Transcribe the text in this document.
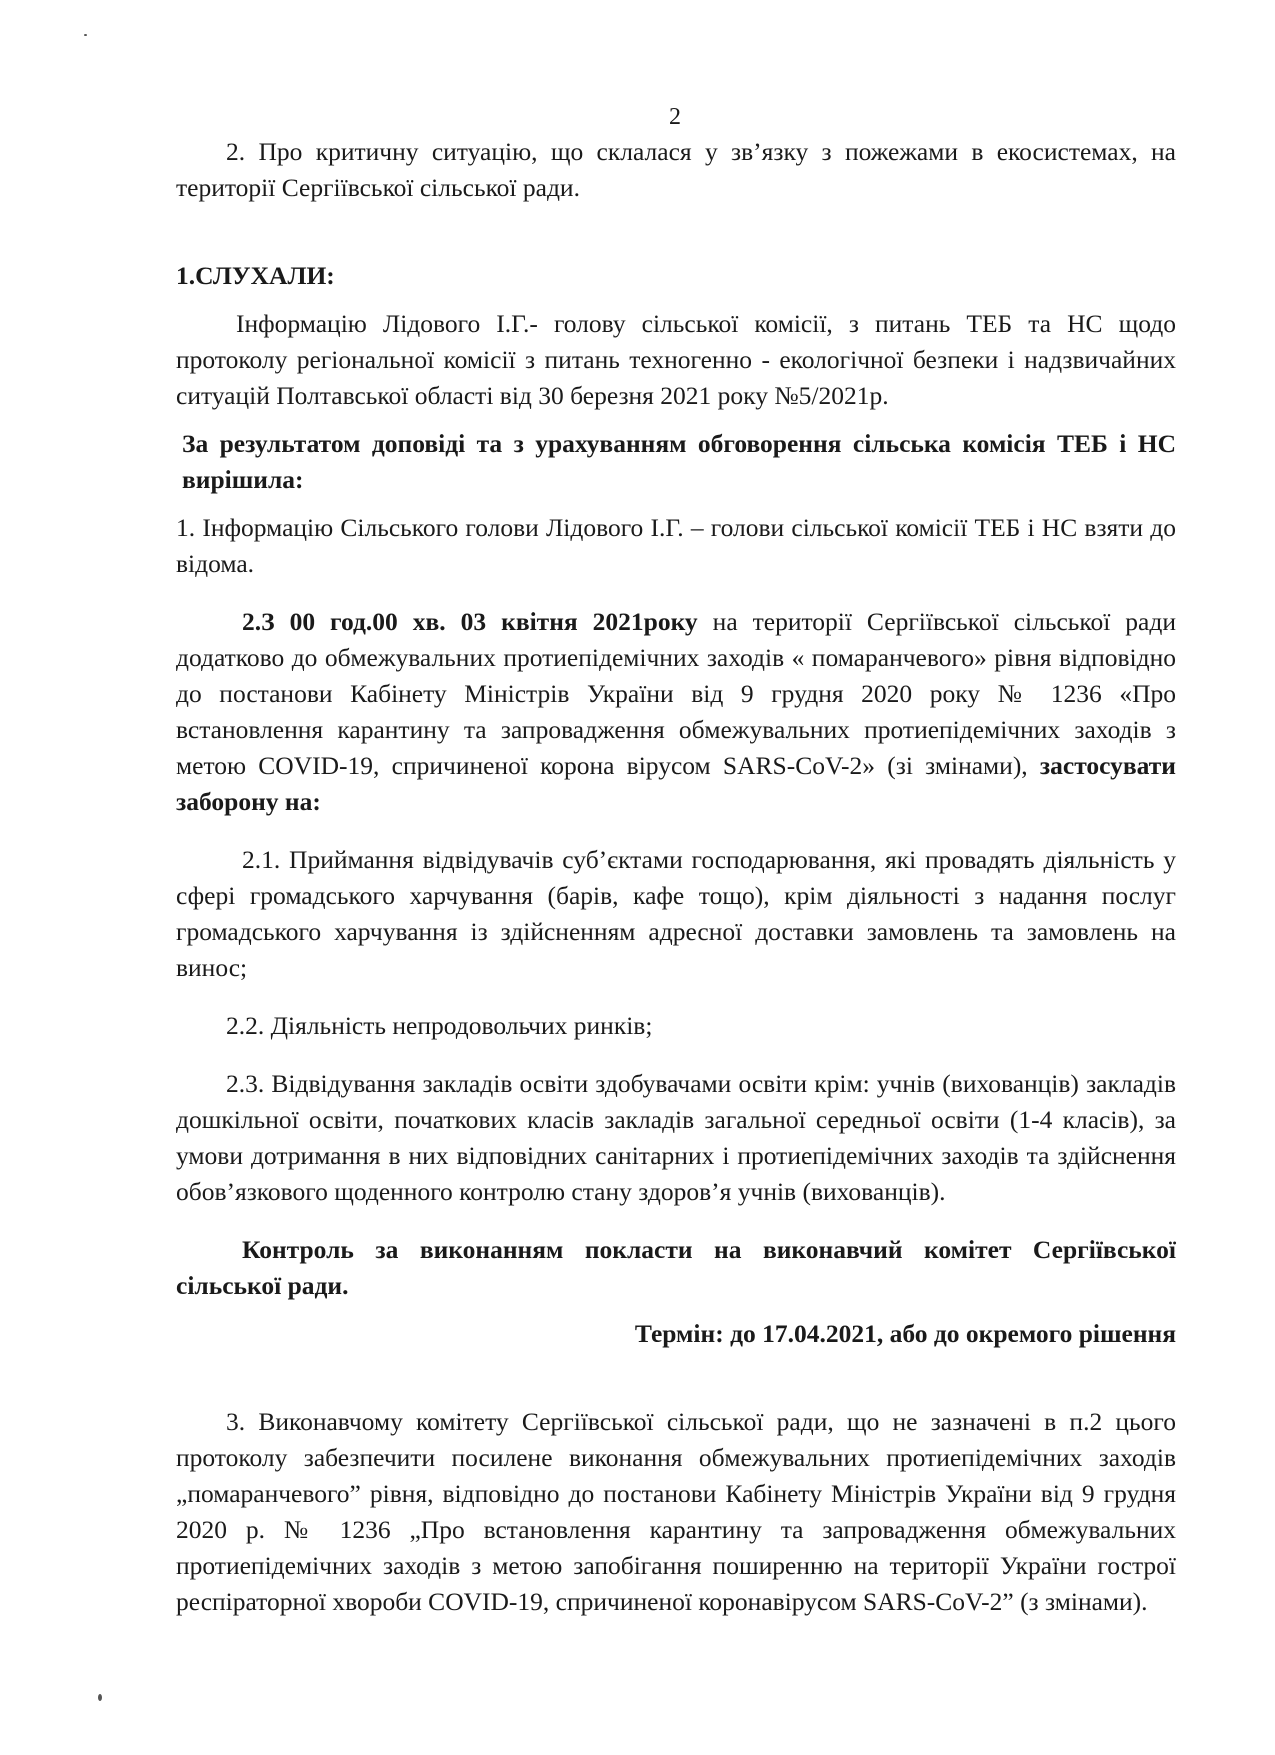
2

2. Про критичну ситуацію, що склалася у зв’язку з пожежами в екосистемах, на території Сергіївської сільської ради.

1.СЛУХАЛИ:

Інформацію Лідового І.Г.- голову сільської комісії, з питань ТЕБ та НС щодо протоколу регіональної комісії з питань техногенно - екологічної безпеки і надзвичайних ситуацій Полтавської області від 30 березня 2021 року №5/2021р.

За результатом доповіді та з урахуванням обговорення сільська комісія ТЕБ і НС вирішила:

1. Інформацію Сільського голови Лідового І.Г. – голови сільської комісії ТЕБ і НС взяти до відома.

2.З 00 год.00 хв. 03 квітня 2021року на території Сергіївської сільської ради додатково до обмежувальних протиепідемічних заходів « помаранчевого» рівня відповідно до постанови Кабінету Міністрів України від 9 грудня 2020 року № 1236 «Про встановлення карантину та запровадження обмежувальних протиепідемічних заходів з метою COVID-19, спричиненої корона вірусом SARS-CoV-2» (зі змінами), застосувати заборону на:

2.1. Приймання відвідувачів суб’єктами господарювання, які провадять діяльність у сфері громадського харчування (барів, кафе тощо), крім діяльності з надання послуг громадського харчування із здійсненням адресної доставки замовлень та замовлень на винос;

2.2. Діяльність непродовольчих ринків;

2.3. Відвідування закладів освіти здобувачами освіти крім: учнів (вихованців) закладів дошкільної освіти, початкових класів закладів загальної середньої освіти (1-4 класів), за умови дотримання в них відповідних санітарних і протиепідемічних заходів та здійснення обов’язкового щоденного контролю стану здоров’я учнів (вихованців).

Контроль за виконанням покласти на виконавчий комітет Сергіївської сільської ради.

Термін: до 17.04.2021, або до окремого рішення

3. Виконавчому комітету Сергіївської сільської ради, що не зазначені в п.2 цього протоколу забезпечити посилене виконання обмежувальних протиепідемічних заходів „помаранчевого” рівня, відповідно до постанови Кабінету Міністрів України від 9 грудня 2020 р. № 1236 „Про встановлення карантину та запровадження обмежувальних протиепідемічних заходів з метою запобігання поширенню на території України гострої респіраторної хвороби COVID-19, спричиненої коронавірусом SARS-CoV-2” (з змінами).
